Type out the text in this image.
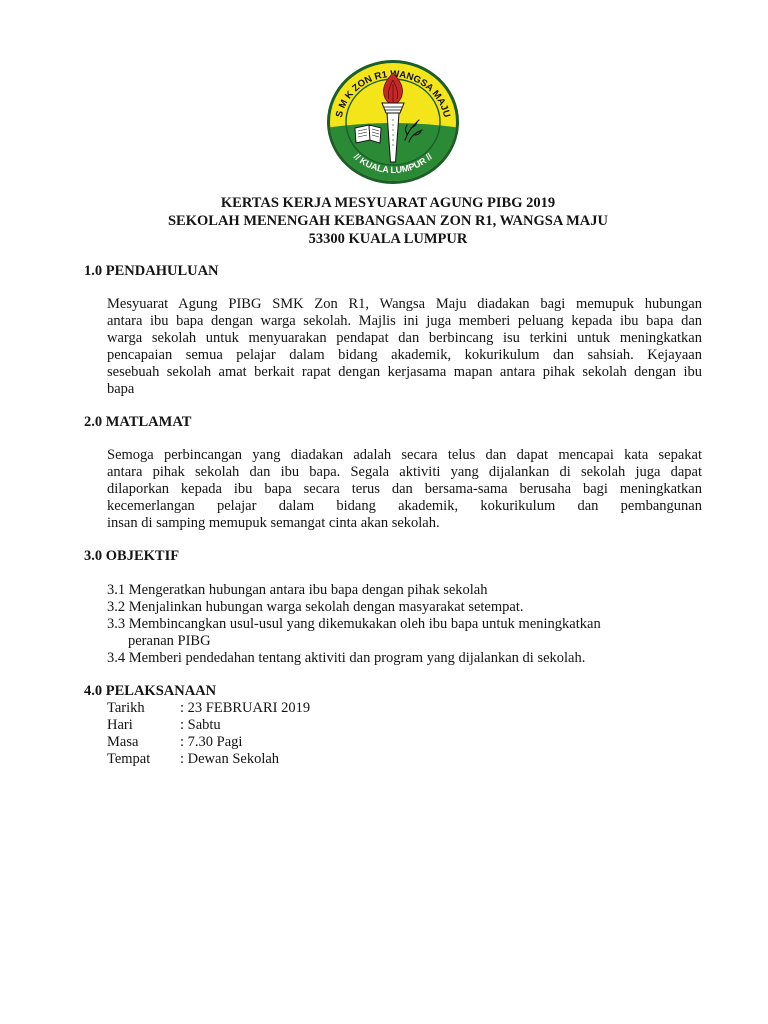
S M K ZON R1 ANGSA MAJU
// KUALA LUMPUR //
KERTAS KERJA MESYUARAT AGUNG PIBG 2019
SEKOLAH MENENGAH KEBANGSAAN ZON R1, WANGSA MAJU
53300 KUALA LUMPUR
1.0 PENDAHULUAN
Mesyuarat Agung PIBG SMK Zon R1, Wangsa Maju diadakan bagi memupuk hubungan
antara ibu bapa dengan warga sekolah. Majlis ini juga memberi peluang kepada ibu bapa dan
warga sekolah untuk menyuarakan pendapat dan berbincang isu terkini untuk meningkatkan
pencapaian semua pelajar dalam bidang akademik, kokurikulum dan sahsiah. Kejayaan
sesebuah sekolah amat berkait rapat dengan kerjasama mapan antara pihak sekolah dengan ibu
bapa
2.0 MATLAMAT
Semoga perbincangan yang diadakan adalah secara telus dan dapat mencapai kata sepakat
antara pihak sekolah dan ibu bapa. Segala aktiviti yang dijalankan di sekolah juga dapat
dilaporkan kepada ibu bapa secara terus dan bersama-sama berusaha bagi meningkatkan
kecemerlangan pelajar dalam bidang akademik, kokurikulum dan pembangunan
insan di samping memupuk semangat cinta akan sekolah.
3.0 OBJEKTIF
3.1 Mengeratkan hubungan antara ibu bapa dengan pihak sekolah
3.2 Menjalinkan hubungan warga sekolah dengan masyarakat setempat.
3.3 Membincangkan usul-usul yang dikemukakan oleh ibu bapa untuk meningkatkan
peranan PIBG
3.4 Memberi pendedahan tentang aktiviti dan program yang dijalankan di sekolah.
4.0 PELAKSANAAN
Tarikh	: 23 FEBRUARI 2019
Hari	: Sabtu
Masa	: 7.30 Pagi
Tempat	: Dewan Sekolah
